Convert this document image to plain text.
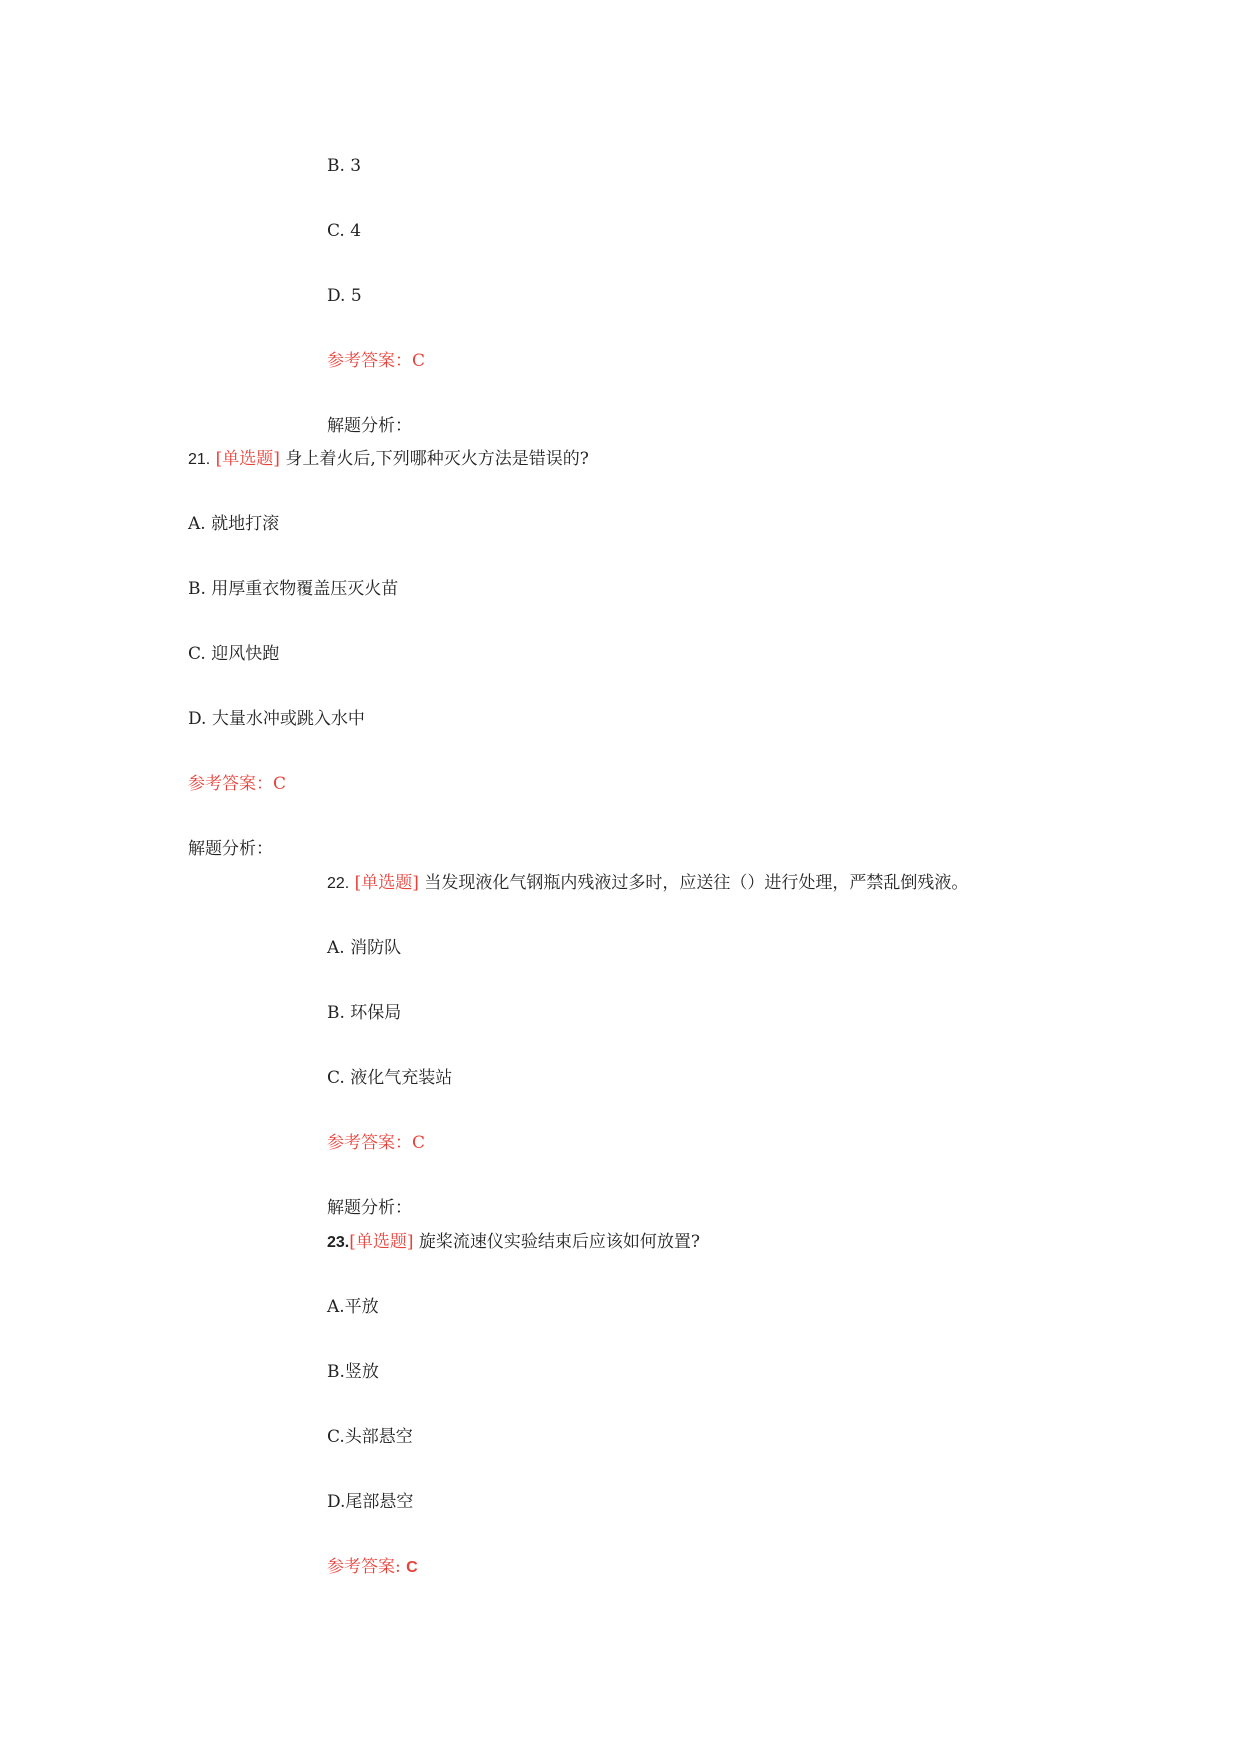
B. 3
C. 4
D. 5
参考答案：C
解题分析：
21. [单选题] 身上着火后,下列哪种灭火方法是错误的?
A. 就地打滚
B. 用厚重衣物覆盖压灭火苗
C. 迎风快跑
D. 大量水冲或跳入水中
参考答案：C
解题分析：
22. [单选题] 当发现液化气钢瓶内残液过多时，应送往（）进行处理，严禁乱倒残液。
A. 消防队
B. 环保局
C. 液化气充装站
参考答案：C
解题分析：
23.[单选题] 旋桨流速仪实验结束后应该如何放置?
A.平放
B.竖放
C.头部悬空
D.尾部悬空
参考答案: C
